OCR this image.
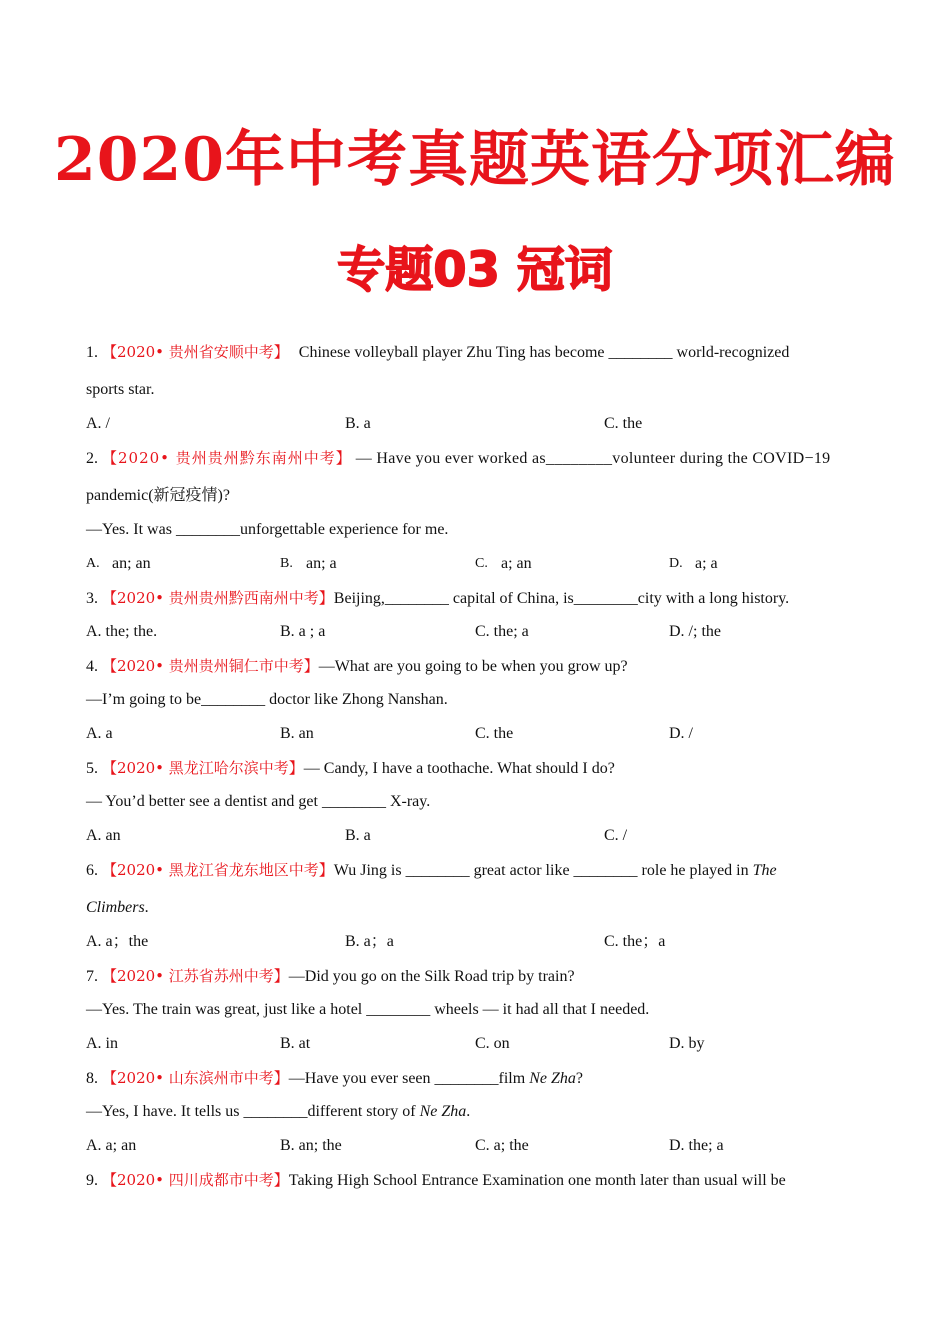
2020年中考真题英语分项汇编
专题03 冠词
1. 【2020• 贵州省安顺中考】 Chinese volleyball player Zhu Ting has become ________ world-recognized
sports star.
A. /	B. a	C. the
2. 【2020• 贵州贵州黔东南州中考】 — Have you ever worked as________volunteer during the COVID−19
pandemic(新冠疫情)?
—Yes. It was ________unforgettable experience for me.
A. an; an	B. an; a	C. a; an	D. a; a
3. 【2020• 贵州贵州黔西南州中考】Beijing,________ capital of China, is________city with a long history.
A. the; the.	B. a ; a	C. the; a	D. /; the
4. 【2020• 贵州贵州铜仁市中考】—What are you going to be when you grow up?
—I’m going to be________ doctor like Zhong Nanshan.
A. a	B. an	C. the	D. /
5. 【2020• 黑龙江哈尔滨中考】— Candy, I have a toothache. What should I do?
— You’d better see a dentist and get ________ X-ray.
A. an	B. a	C. /
6. 【2020• 黑龙江省龙东地区中考】Wu Jing is ________ great actor like ________ role he played in The
Climbers.
A. a；the	B. a；a	C. the；a
7. 【2020• 江苏省苏州中考】—Did you go on the Silk Road trip by train?
—Yes. The train was great, just like a hotel ________ wheels — it had all that I needed.
A. in	B. at	C. on	D. by
8. 【2020• 山东滨州市中考】—Have you ever seen ________film Ne Zha?
—Yes, I have. It tells us ________different story of Ne Zha.
A. a; an	B. an; the	C. a; the	D. the; a
9. 【2020• 四川成都市中考】Taking High School Entrance Examination one month later than usual will be
